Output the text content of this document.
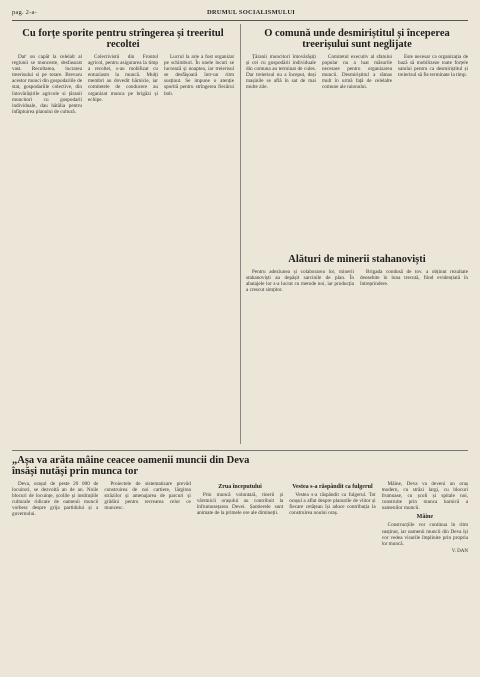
pag. 2-a-	DRUMUL SOCIALISMULUI
Cu forțe sporite pentru strîngerea și treeritul recoltei

Dat' on capăt la celelalt al regiunii se munceste, desfasurat vast. Recoltarea, lucrarea treerisului si pe totare. Brevaru acestor munci din gospodariile de stat, gospodariile colective, din întovărășirile agricole si țăranii muncitori cu gospodarii individuale, dau bătălia pentru înfăptuirea planului de cultură.

Colectivistii din Frontul agricol, pentru asigurarea la timp a recoltei, s-au mobilizat cu entuziasm la muncă. Mulți membri au dovedit hărnicie, iar comitetele de conducere au organizat munca pe brigăzi și echipe.

Lucrul la arie a fost organizat pe schimburi. În unele locuri se lucrează și noaptea, iar treierisul se desfășoară într-un ritm susținut. Se impune o atenție sporită pentru strîngerea fiecărui bob.

O comună unde desmiriștitul și începerea treerișului sunt neglijate

Țăranii muncitori întovărășiți și cei cu gospodării individuale din comuna au terminat de cules. Dar treierisul nu a început, deși mașinile se află în sat de mai multe zile.

Comitetul executiv al sfatului popular nu a luat măsurile necesare pentru organizarea muncii. Desmiriștitul a rămas mult în urmă față de celelalte comune ale raionului.

Este necesar ca organizația de bază să mobilizeze toate forțele satului pentru ca desmiriștitul și treierisul să fie terminate la timp.

Alături de minerii stahanoviști

Pentru adeziunea și colaborarea lor, minerii stahanoviști au depășit sarcinile de plan. În abatajele lor s-a lucrat cu metode noi, iar producția a crescut simțitor.

Brigada condusă de tov. a obținut rezultate deosebite în luna trecută, fiind evidențiată în întreprindere.

„Așa va arăta mâine ceacee oamenii muncii din Deva însăși nutăși prin munca tor

Deva, orașul de peste 20 000 de locuitori, se dezvoltă an de an. Noile blocuri de locuințe, școlile și instituțiile culturale ridicate de oamenii muncii vorbesc despre grija partidului și a guvernului.

Proiectele de sistematizare prevăd construirea de noi cartiere, lărgirea străzilor și amenajarea de parcuri și grădini pentru recrearea celor ce muncesc.

Zrua începutului

Prin muncă voluntară, tinerii și vârstnicii orașului au contribuit la înfrumusețarea Devei. Șantierele sunt animate de la primele ore ale dimineții.

Vestea s-a răspândit ca fulgerul

Vestea s-a răspândit ca fulgerul. Tot orașul a aflat despre planurile de viitor și fiecare cetățean își aduce contribuția la construirea noului oraș.

Mâine, Deva va deveni un oraș modern, cu străzi largi, cu blocuri frumoase, cu școli și spitale noi, construite prin munca harnică a oamenilor muncii.

Mâine

Construcțiile vor continua în ritm susținut, iar oamenii muncii din Deva își vor vedea visurile împlinite prin propria lor muncă.

V. DAN
